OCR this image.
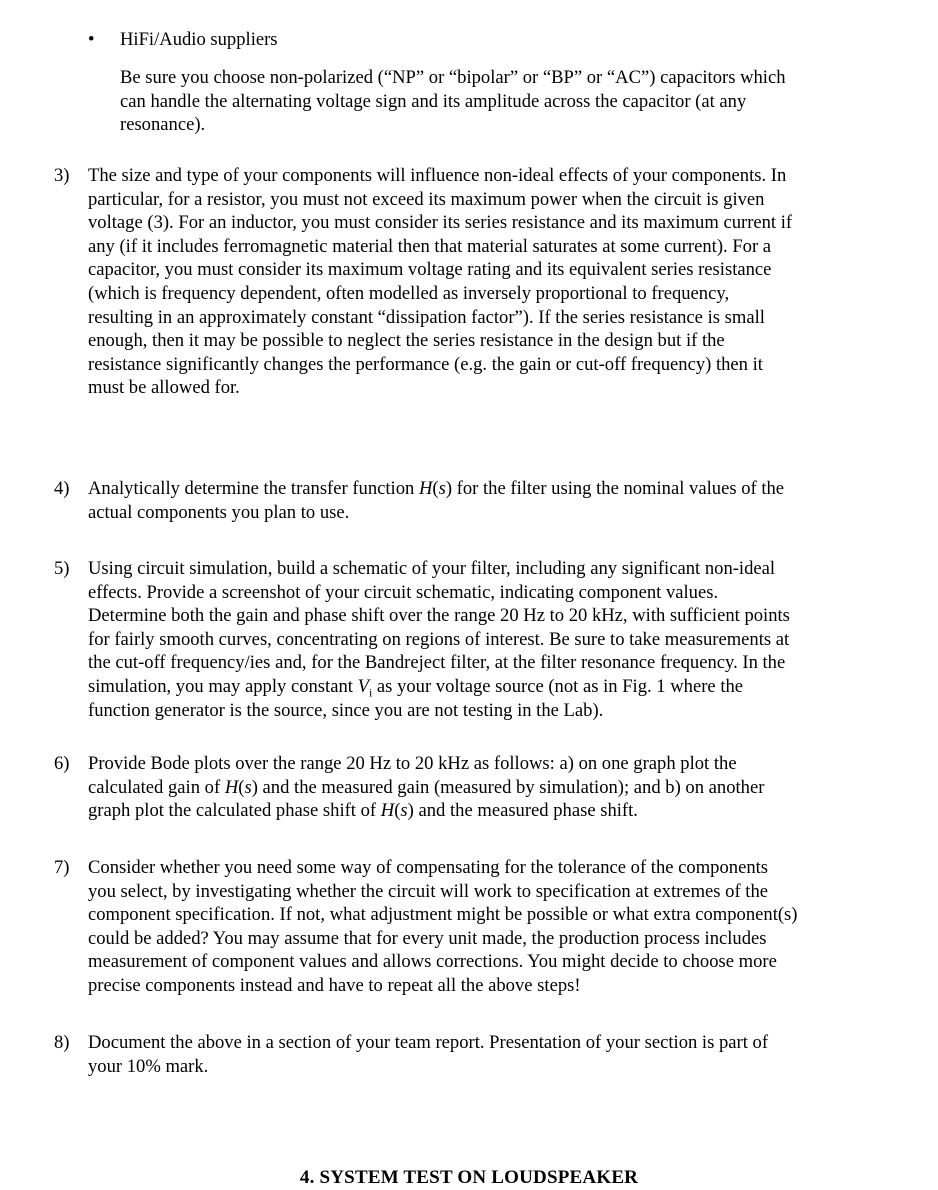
•	HiFi/Audio suppliers
Be sure you choose non-polarized (“NP” or “bipolar” or “BP” or “AC”) capacitors which
can handle the alternating voltage sign and its amplitude across the capacitor (at any
resonance).
3) The size and type of your components will influence non-ideal effects of your components. In
particular, for a resistor, you must not exceed its maximum power when the circuit is given
voltage (3). For an inductor, you must consider its series resistance and its maximum current if
any (if it includes ferromagnetic material then that material saturates at some current). For a
capacitor, you must consider its maximum voltage rating and its equivalent series resistance
(which is frequency dependent, often modelled as inversely proportional to frequency,
resulting in an approximately constant “dissipation factor”). If the series resistance is small
enough, then it may be possible to neglect the series resistance in the design but if the
resistance significantly changes the performance (e.g. the gain or cut-off frequency) then it
must be allowed for.
4) Analytically determine the transfer function H(s) for the filter using the nominal values of the
actual components you plan to use.
5) Using circuit simulation, build a schematic of your filter, including any significant non-ideal
effects. Provide a screenshot of your circuit schematic, indicating component values.
Determine both the gain and phase shift over the range 20 Hz to 20 kHz, with sufficient points
for fairly smooth curves, concentrating on regions of interest. Be sure to take measurements at
the cut-off frequency/ies and, for the Bandreject filter, at the filter resonance frequency. In the
simulation, you may apply constant $V_i$ as your voltage source (not as in Fig. 1 where the
function generator is the source, since you are not testing in the Lab).
6) Provide Bode plots over the range 20 Hz to 20 kHz as follows: a) on one graph plot the
calculated gain of H(s) and the measured gain (measured by simulation); and b) on another
graph plot the calculated phase shift of H(s) and the measured phase shift.
7) Consider whether you need some way of compensating for the tolerance of the components
you select, by investigating whether the circuit will work to specification at extremes of the
component specification. If not, what adjustment might be possible or what extra component(s)
could be added? You may assume that for every unit made, the production process includes
measurement of component values and allows corrections. You might decide to choose more
precise components instead and have to repeat all the above steps!
8) Document the above in a section of your team report. Presentation of your section is part of
your 10% mark.
4. SYSTEM TEST ON LOUDSPEAKER
